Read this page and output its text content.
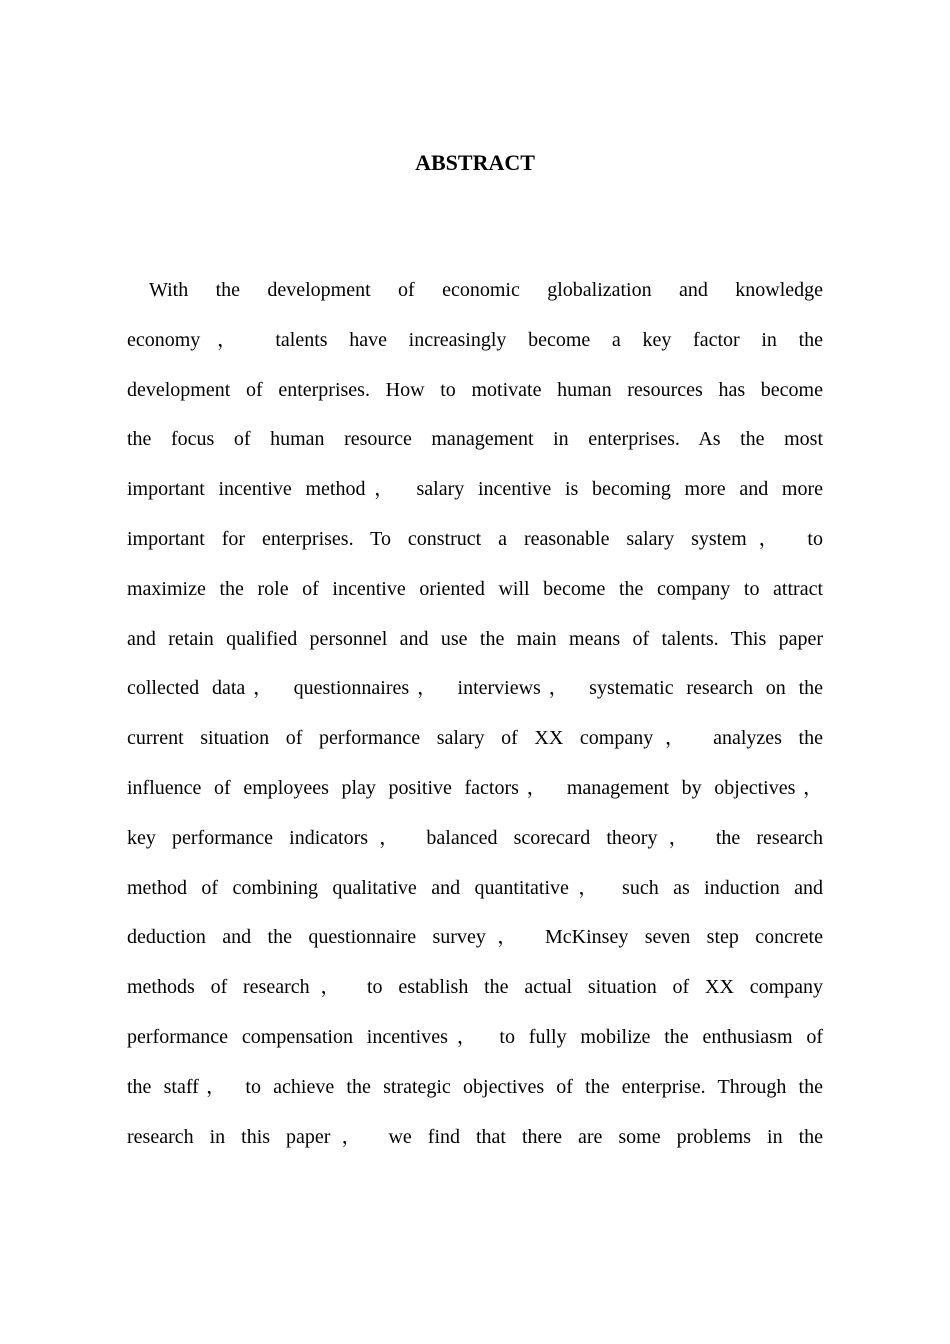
ABSTRACT
With the development of economic globalization and knowledge
economy， talents have increasingly become a key factor in the
development of enterprises. How to motivate human resources has become
the focus of human resource management in enterprises. As the most
important incentive method， salary incentive is becoming more and more
important for enterprises. To construct a reasonable salary system， to
maximize the role of incentive oriented will become the company to attract
and retain qualified personnel and use the main means of talents. This paper
collected data， questionnaires， interviews， systematic research on the
current situation of performance salary of XX company， analyzes the
influence of employees play positive factors， management by objectives，
key performance indicators， balanced scorecard theory， the research
method of combining qualitative and quantitative， such as induction and
deduction and the questionnaire survey， McKinsey seven step concrete
methods of research， to establish the actual situation of XX company
performance compensation incentives， to fully mobilize the enthusiasm of
the staff， to achieve the strategic objectives of the enterprise. Through the
research in this paper， we find that there are some problems in the
